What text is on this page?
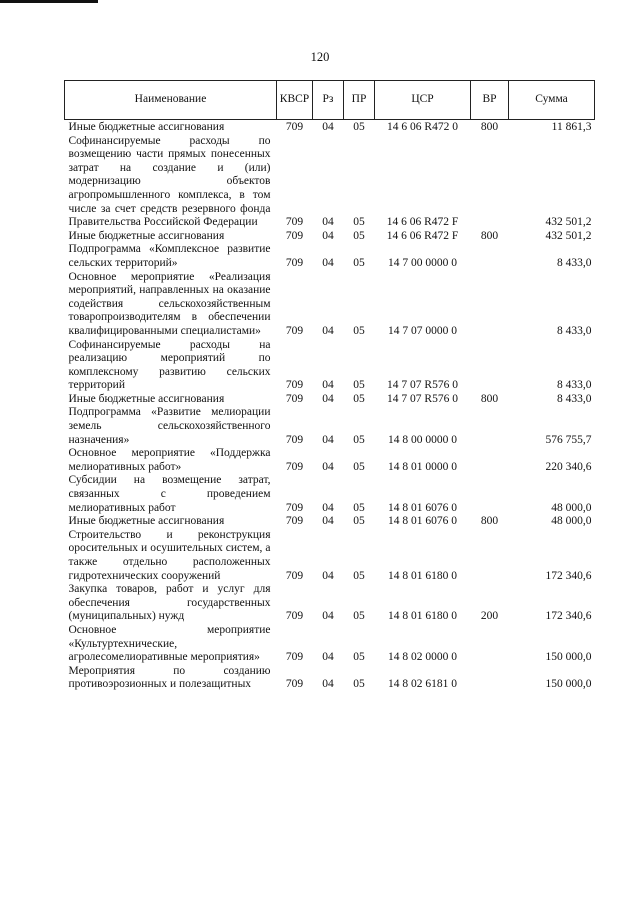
120
Наименование	КВСР	Рз	ПР	ЦСР	ВР	Сумма
Иные бюджетные ассигнования	709	04	05	14 6 06 R472 0	800	11 861,3
Софинансируемые расходы по возмещению части прямых понесенных затрат на создание и (или) модернизацию объектов агропромышленного комплекса, в том числе за счет средств резервного фонда Правительства Российской Федерации	709	04	05	14 6 06 R472 F		432 501,2
Иные бюджетные ассигнования	709	04	05	14 6 06 R472 F	800	432 501,2
Подпрограмма «Комплексное развитие сельских территорий»	709	04	05	14 7 00 0000 0		8 433,0
Основное мероприятие «Реализация мероприятий, направленных на оказание содействия сельскохозяйственным товаропроизводителям в обеспечении квалифицированными специалистами»	709	04	05	14 7 07 0000 0		8 433,0
Софинансируемые расходы на реализацию мероприятий по комплексному развитию сельских территорий	709	04	05	14 7 07 R576 0		8 433,0
Иные бюджетные ассигнования	709	04	05	14 7 07 R576 0	800	8 433,0
Подпрограмма «Развитие мелиорации земель сельскохозяйственного назначения»	709	04	05	14 8 00 0000 0		576 755,7
Основное мероприятие «Поддержка мелиоративных работ»	709	04	05	14 8 01 0000 0		220 340,6
Субсидии на возмещение затрат, связанных с проведением мелиоративных работ	709	04	05	14 8 01 6076 0		48 000,0
Иные бюджетные ассигнования	709	04	05	14 8 01 6076 0	800	48 000,0
Строительство и реконструкция оросительных и осушительных систем, а также отдельно расположенных гидротехнических сооружений	709	04	05	14 8 01 6180 0		172 340,6
Закупка товаров, работ и услуг для обеспечения государственных (муниципальных) нужд	709	04	05	14 8 01 6180 0	200	172 340,6
Основное мероприятие «Культуртехнические, агролесомелиоративные мероприятия»	709	04	05	14 8 02 0000 0		150 000,0
Мероприятия по созданию противоэрозионных и полезащитных	709	04	05	14 8 02 6181 0		150 000,0
